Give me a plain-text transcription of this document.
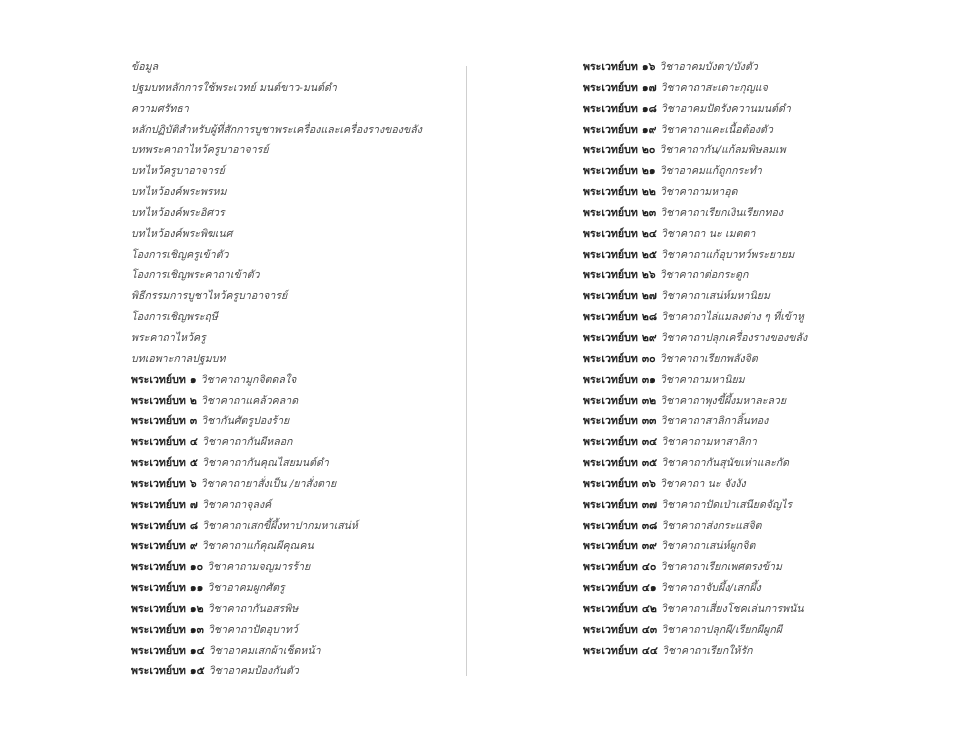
ข้อมูล
ปฐมบทหลักการใช้พระเวทย์ มนต์ขาว-มนต์ดำ
ความศรัทธา
หลักปฏิบัติสำหรับผู้ที่สักการบูชาพระเครื่องและเครื่องรางของขลัง
บทพระคาถาไหว้ครูบาอาจารย์
บทไหว้ครูบาอาจารย์
บทไหว้องค์พระพรหม
บทไหว้องค์พระอิศวร
บทไหว้องค์พระพิฆเนศ
โองการเชิญครูเข้าตัว
โองการเชิญพระคาถาเข้าตัว
พิธีกรรมการบูชาไหว้ครูบาอาจารย์
โองการเชิญพระฤษี
พระคาถาไหว้ครู
บทเอพาะกาลปฐมบท
พระเวทย์บท ๑ วิชาคาถามูกจิตดลใจ
พระเวทย์บท ๒ วิชาคาถาแคล้วคลาด
พระเวทย์บท ๓ วิชากันศัตรูปองร้าย
พระเวทย์บท ๔ วิชาคาถากันผีหลอก
พระเวทย์บท ๕ วิชาคาถากันคุณไสยมนต์ดำ
พระเวทย์บท ๖ วิชาคาถายาสั่งเป็น /ยาสั่งตาย
พระเวทย์บท ๗ วิชาคาถาจุลงค์
พระเวทย์บท ๘ วิชาคาถาเสกขี้ผึ้งทาปากมหาเสน่ห์
พระเวทย์บท ๙ วิชาคาถาแก้คุณผีคุณคน
พระเวทย์บท ๑๐ วิชาคาถามจญมารร้าย
พระเวทย์บท ๑๑ วิชาอาคมผูกศัตรู
พระเวทย์บท ๑๒ วิชาคาถากันอสรพิษ
พระเวทย์บท ๑๓ วิชาคาถาปัดอุบาทว์
พระเวทย์บท ๑๔ วิชาอาคมเสกผ้าเช็ดหน้า
พระเวทย์บท ๑๕ วิชาอาคมป้องกันตัว
พระเวทย์บท ๑๖ วิชาอาคมบังตา/บังตัว
พระเวทย์บท ๑๗ วิชาคาถาสะเดาะกุญแจ
พระเวทย์บท ๑๘ วิชาอาคมปัดรังควานมนต์ดำ
พระเวทย์บท ๑๙ วิชาคาถาแคะเนื้อต้องตัว
พระเวทย์บท ๒๐ วิชาคาถากัน/แก้ลมพิษลมเพ
พระเวทย์บท ๒๑ วิชาอาคมแก้ถูกกระทำ
พระเวทย์บท ๒๒ วิชาคาถามหาอุด
พระเวทย์บท ๒๓ วิชาคาถาเรียกเงินเรียกทอง
พระเวทย์บท ๒๔ วิชาคาถา นะ เมตตา
พระเวทย์บท ๒๕ วิชาคาถาแก้อุบาทว์พระยายม
พระเวทย์บท ๒๖ วิชาคาถาต่อกระดูก
พระเวทย์บท ๒๗ วิชาคาถาเสน่ห์มหานิยม
พระเวทย์บท ๒๘ วิชาคาถาไล่แมลงต่าง ๆ ที่เข้าหู
พระเวทย์บท ๒๙ วิชาคาถาปลุกเครื่องรางของขลัง
พระเวทย์บท ๓๐ วิชาคาถาเรียกพลังจิต
พระเวทย์บท ๓๑ วิชาคาถามหานิยม
พระเวทย์บท ๓๒ วิชาคาถาพุงขี้ผึ้งมหาละลวย
พระเวทย์บท ๓๓ วิชาคาถาสาลิกาลิ้นทอง
พระเวทย์บท ๓๔ วิชาคาถามหาสาลิกา
พระเวทย์บท ๓๕ วิชาคาถากันสุนัขเห่าและกัด
พระเวทย์บท ๓๖ วิชาคาถา นะ จังงัง
พระเวทย์บท ๓๗ วิชาคาถาปัดเป่าเสนียดจัญไร
พระเวทย์บท ๓๘ วิชาคาถาส่งกระแสจิต
พระเวทย์บท ๓๙ วิชาคาถาเสน่ห์ผูกจิต
พระเวทย์บท ๔๐ วิชาคาถาเรียกเพศตรงข้าม
พระเวทย์บท ๔๑ วิชาคาถาจับผึ้ง/เสกผึ้ง
พระเวทย์บท ๔๒ วิชาคาถาเสี่ยงโชคเล่นการพนัน
พระเวทย์บท ๔๓ วิชาคาถาปลุกผี/เรียกผีผูกผี
พระเวทย์บท ๔๔ วิชาคาถาเรียกให้รัก
